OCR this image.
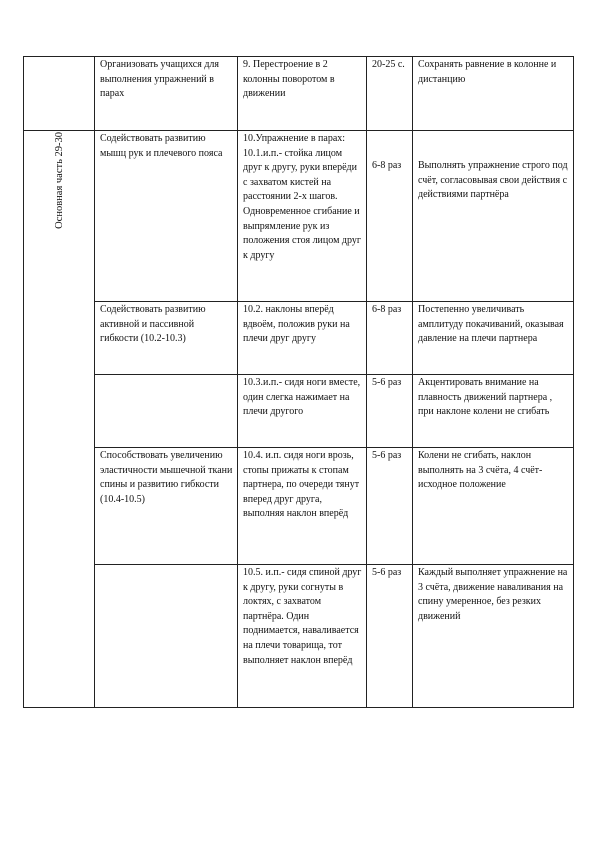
	Организовать учащихся для выполнения упражнений в парах	9. Перестроение в 2 колонны поворотом в движении	20-25 с.	Сохранять равнение в колонне и дистанцию

Основная часть 29-30	Содействовать развитию мышц рук и плечевого пояса	10.Упражнение в парах: 10.1.и.п.- стойка лицом друг к другу, руки вперёди с захватом кистей на расстоянии 2-х шагов. Одновременное сгибание и выпрямление рук из положения стоя лицом друг к другу	6-8 раз	Выполнять упражнение строго под счёт, согласовывая свои действия с действиями партнёра
	Содействовать развитию активной и пассивной гибкости (10.2-10.3)	10.2. наклоны вперёд вдвоём, положив руки на плечи друг другу	6-8 раз	Постепенно увеличивать амплитуду покачиваний, оказывая давление на плечи партнера
		10.3.и.п.- сидя ноги вместе, один слегка нажимает на плечи другого	5-6 раз	Акцентировать внимание на плавность движений партнера , при наклоне колени не сгибать
	Способствовать увеличению эластичности мышечной ткани спины и развитию гибкости (10.4-10.5)	10.4. и.п. сидя ноги врозь, стопы прижаты к стопам партнера, по очереди тянут вперед друг друга, выполняя наклон вперёд	5-6 раз	Колени не сгибать, наклон выполнять на 3 счёта, 4 счёт-исходное положение
		10.5. и.п.- сидя спиной друг к другу, руки согнуты в локтях, с захватом партнёра. Один поднимается, наваливается на плечи товарища, тот выполняет наклон вперёд	5-6 раз	Каждый выполняет упражнение на 3 счёта, движение наваливания на спину умеренное, без резких движений
